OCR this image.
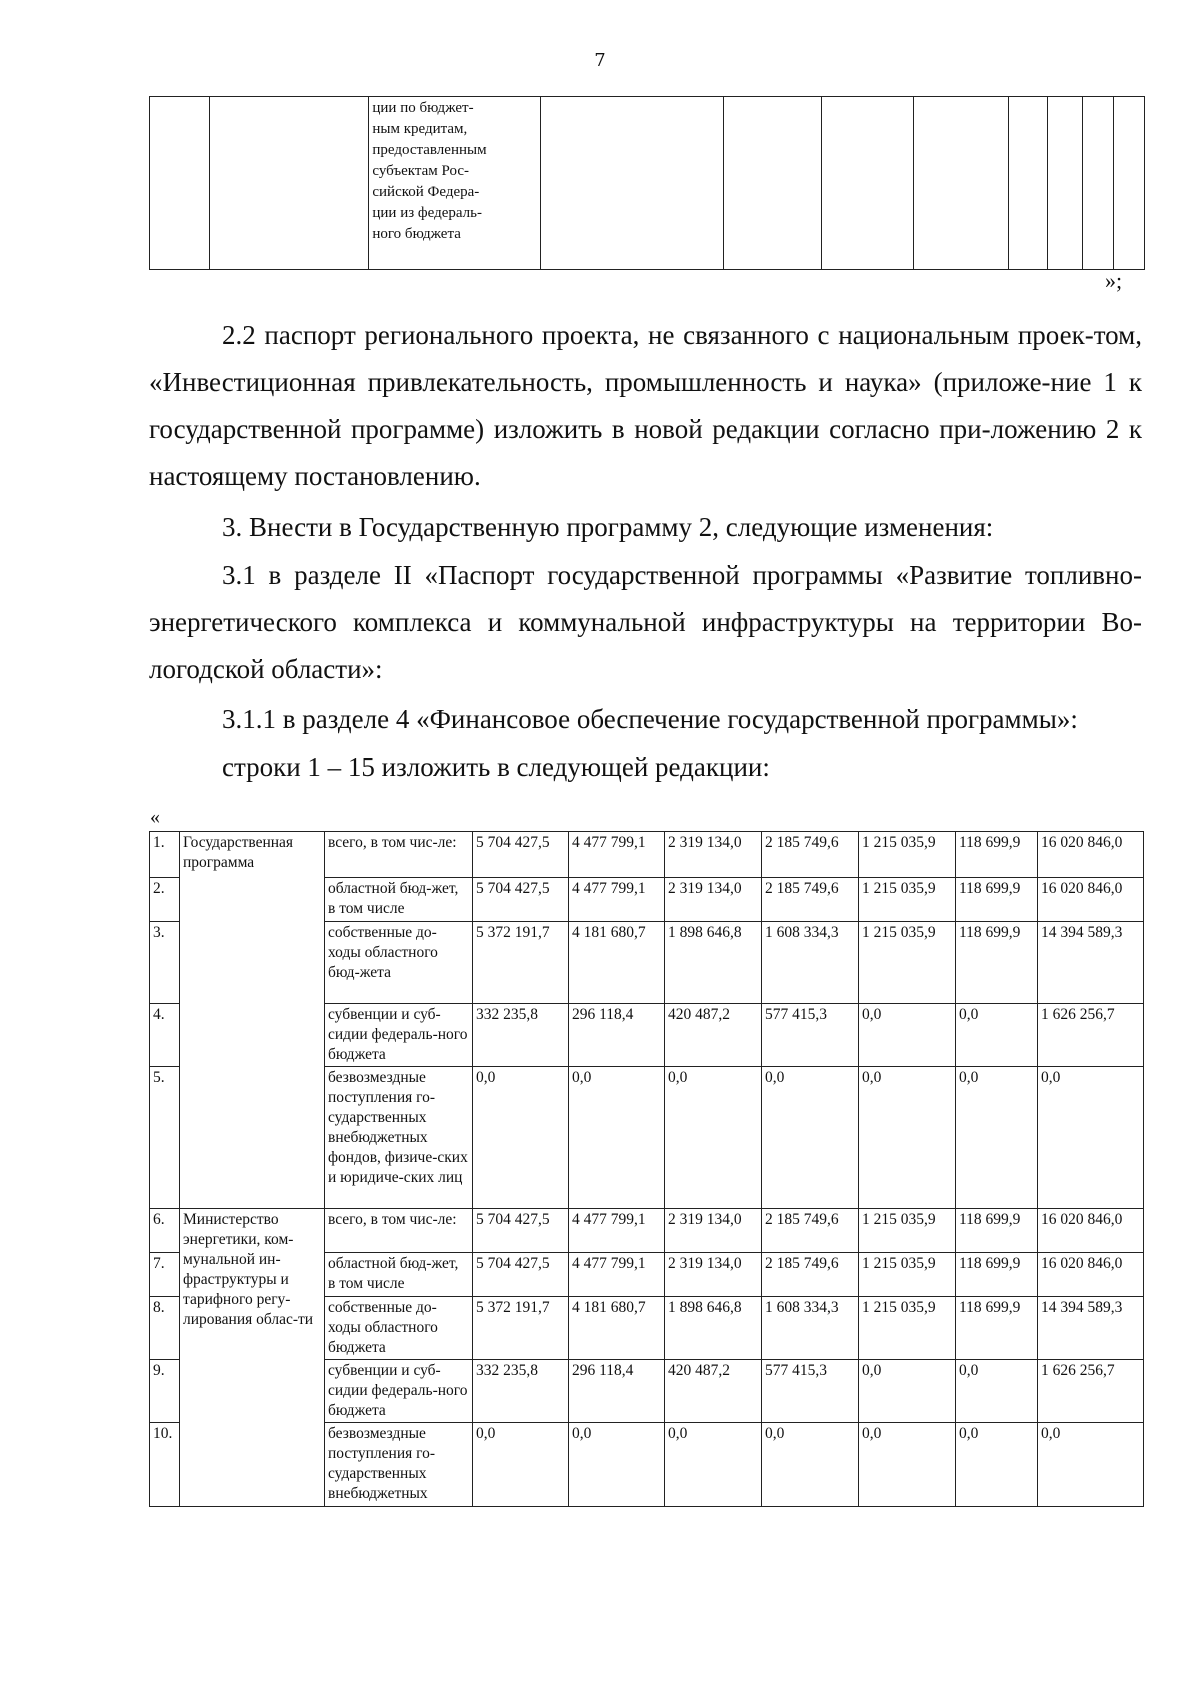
7

ции по бюджет-
ным кредитам,
предоставленным
субъектам Рос-
сийской Федера-
ции из федераль-
ного бюджета

»;

2.2 паспорт регионального проекта, не связанного с национальным проек-том, «Инвестиционная привлекательность, промышленность и наука» (приложе-ние 1 к государственной программе) изложить в новой редакции согласно при-ложению 2 к настоящему постановлению.

3. Внести в Государственную программу 2, следующие изменения:

3.1 в разделе II «Паспорт государственной программы «Развитие топливно-энергетического комплекса и коммунальной инфраструктуры на территории Во-логодской области»:

3.1.1 в разделе 4 «Финансовое обеспечение государственной программы»:

строки 1 – 15 изложить в следующей редакции:

«
1.	Государственная программа	всего, в том чис-ле:	5 704 427,5	4 477 799,1	2 319 134,0	2 185 749,6	1 215 035,9	118 699,9	16 020 846,0
2.		областной бюд-жет, в том числе	5 704 427,5	4 477 799,1	2 319 134,0	2 185 749,6	1 215 035,9	118 699,9	16 020 846,0
3.		собственные до-ходы областного бюд-жета	5 372 191,7	4 181 680,7	1 898 646,8	1 608 334,3	1 215 035,9	118 699,9	14 394 589,3
4.		субвенции и суб-сидии федераль-ного бюджета	332 235,8	296 118,4	420 487,2	577 415,3	0,0	0,0	1 626 256,7
5.		безвозмездные поступления го-сударственных внебюджетных фондов, физиче-ских и юридиче-ских лиц	0,0	0,0	0,0	0,0	0,0	0,0	0,0
6.	Министерство энергетики, ком-мунальной ин-фраструктуры и тарифного регу-лирования облас-ти	всего, в том чис-ле:	5 704 427,5	4 477 799,1	2 319 134,0	2 185 749,6	1 215 035,9	118 699,9	16 020 846,0
7.		областной бюд-жет, в том числе	5 704 427,5	4 477 799,1	2 319 134,0	2 185 749,6	1 215 035,9	118 699,9	16 020 846,0
8.		собственные до-ходы областного бюджета	5 372 191,7	4 181 680,7	1 898 646,8	1 608 334,3	1 215 035,9	118 699,9	14 394 589,3
9.		субвенции и суб-сидии федераль-ного бюджета	332 235,8	296 118,4	420 487,2	577 415,3	0,0	0,0	1 626 256,7
10.		безвозмездные поступления го-сударственных внебюджетных	0,0	0,0	0,0	0,0	0,0	0,0	0,0
